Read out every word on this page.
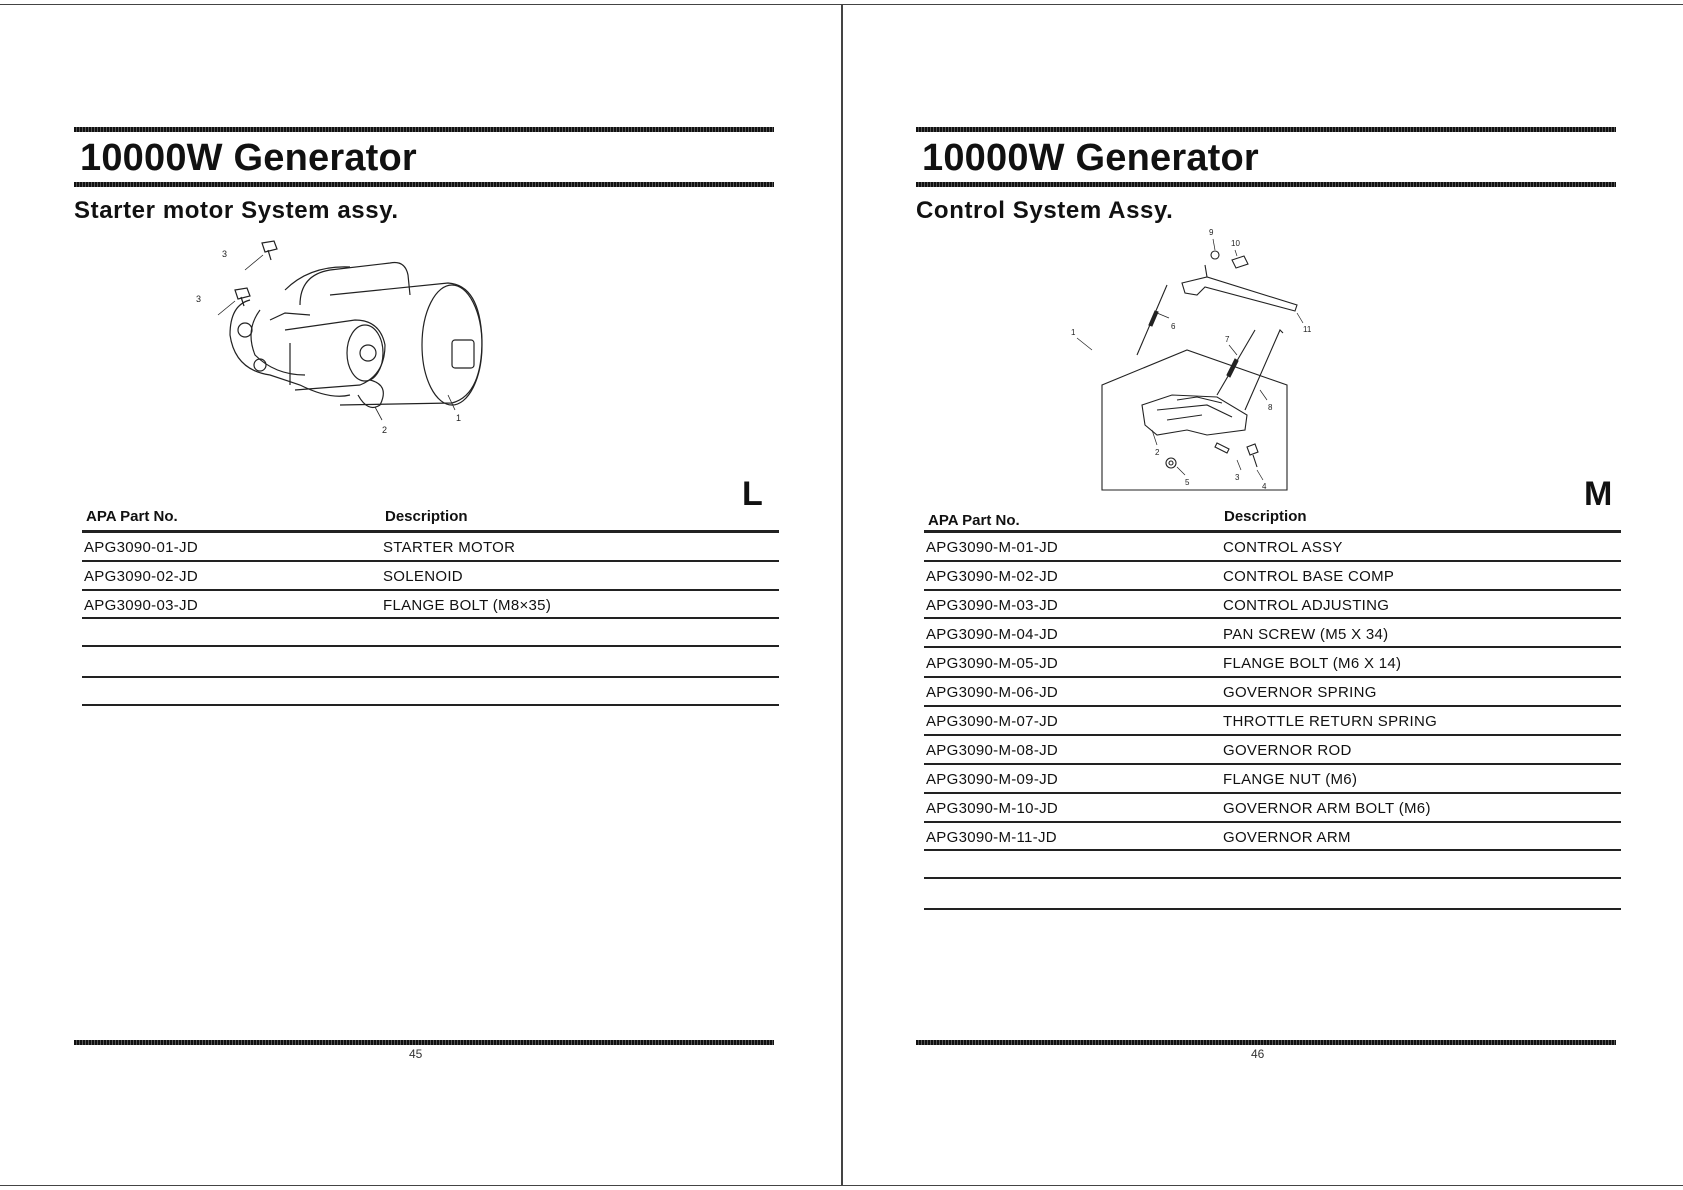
10000W Generator
Starter motor System assy.
3
3
2
1
L
APA Part No.	Description
APG3090-01-JD	STARTER MOTOR
APG3090-02-JD	SOLENOID
APG3090-03-JD	FLANGE BOLT (M8×35)
45
10000W Generator
Control System Assy.
9
10
11
6
1
7
8
2
3
4
5	M
APA Part No.	Description
APG3090-M-01-JD	CONTROL ASSY
APG3090-M-02-JD	CONTROL BASE COMP
APG3090-M-03-JD	CONTROL ADJUSTING
APG3090-M-04-JD	PAN SCREW (M5 X 34)
APG3090-M-05-JD	FLANGE BOLT (M6 X 14)
APG3090-M-06-JD	GOVERNOR SPRING
APG3090-M-07-JD	THROTTLE RETURN SPRING
APG3090-M-08-JD	GOVERNOR ROD
APG3090-M-09-JD	FLANGE NUT (M6)
APG3090-M-10-JD	GOVERNOR ARM BOLT (M6)
APG3090-M-11-JD	GOVERNOR ARM
46
